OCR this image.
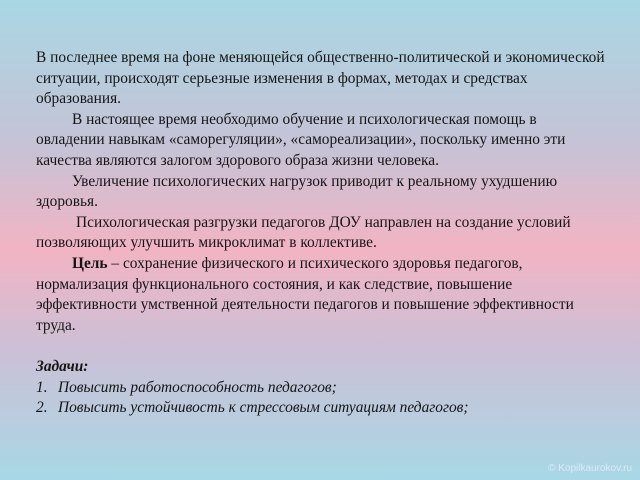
В последнее время на фоне меняющейся общественно-политической и экономической ситуации, происходят серьезные изменения в формах, методах и средствах образования.

В настоящее время необходимо обучение и психологическая помощь в овладении навыкам «саморегуляции», «самореализации», поскольку именно эти качества являются залогом здорового образа жизни человека.

Увеличение психологических нагрузок приводит к реальному ухудшению здоровья.

Психологическая разгрузки педагогов ДОУ направлен на создание условий позволяющих улучшить микроклимат в коллективе.

Цель – сохранение физического и психического здоровья педагогов, нормализация функционального состояния, и как следствие, повышение эффективности умственной деятельности педагогов и повышение эффективности труда.

Задачи:

1. Повысить работоспособность педагогов;
2. Повысить устойчивость к стрессовым ситуациям педагогов;
© Kopilkaurokov.ru
